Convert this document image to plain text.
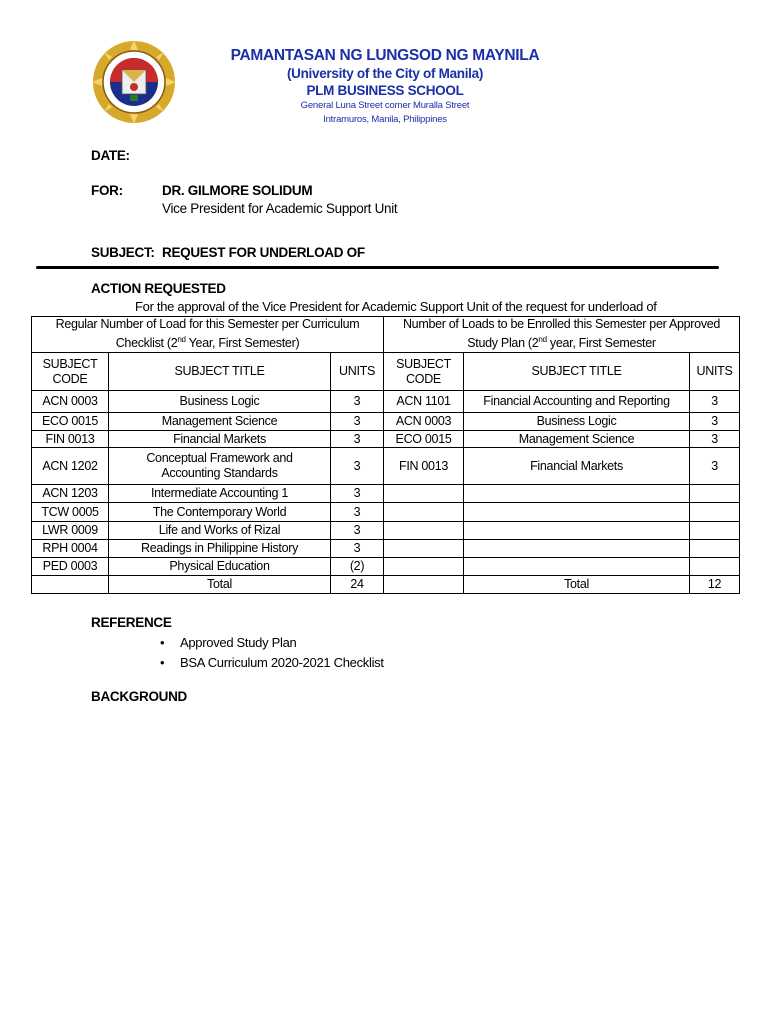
PAMANTASAN NG LUNGSOD NG MAYNILA
(University of the City of Manila)
PLM BUSINESS SCHOOL
General Luna Street corner Muralla Street
Intramuros, Manila, Philippines
DATE:
FOR:	DR. GILMORE SOLIDUM
Vice President for Academic Support Unit
SUBJECT: REQUEST FOR UNDERLOAD OF
ACTION REQUESTED
For the approval of the Vice President for Academic Support Unit of the request for underload of
Regular Number of Load for this Semester per Curriculum
Checklist (2nd Year, First Semester)			Number of Loads to be Enrolled this Semester per Approved
Study Plan (2nd year, First Semester		
SUBJECT
CODE	SUBJECT TITLE	UNITS	SUBJECT
CODE	SUBJECT TITLE	UNITS
ACN 0003	Business Logic	3	ACN 1101	Financial Accounting and Reporting	3
ECO 0015	Management Science	3	ACN 0003	Business Logic	3
FIN 0013	Financial Markets	3	ECO 0015	Management Science	3
ACN 1202	Conceptual Framework and
Accounting Standards	3	FIN 0013	Financial Markets	3
ACN 1203	Intermediate Accounting 1	3			
TCW 0005	The Contemporary World	3			
LWR 0009	Life and Works of Rizal	3			
RPH 0004	Readings in Philippine History	3			
PED 0003	Physical Education	(2)			
	Total	24		Total	12
REFERENCE
• Approved Study Plan
• BSA Curriculum 2020-2021 Checklist
BACKGROUND
